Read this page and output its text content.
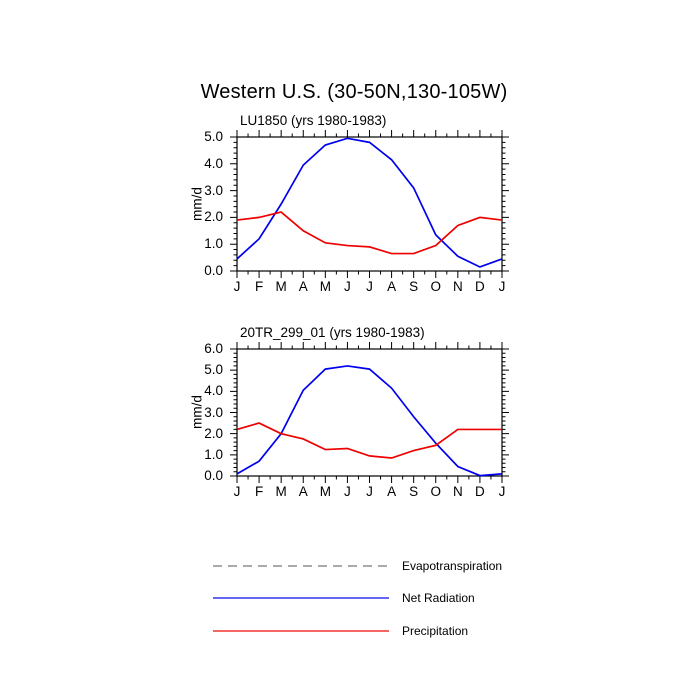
Western U.S. (30-50N,130-105W)
LU1850 (yrs 1980-1983)
20TR_299_01 (yrs 1980-1983)
mm/d
mm/d
0.0
1.0
2.0
3.0
4.0
5.0
J	F M A M J	J	A S O N D	J
0.0
1.0
2.0
3.0
4.0
5.0
6.0
J	F M A M J	J	A S O N D	J
Evapotranspiration
Net Radiation
Precipitation
